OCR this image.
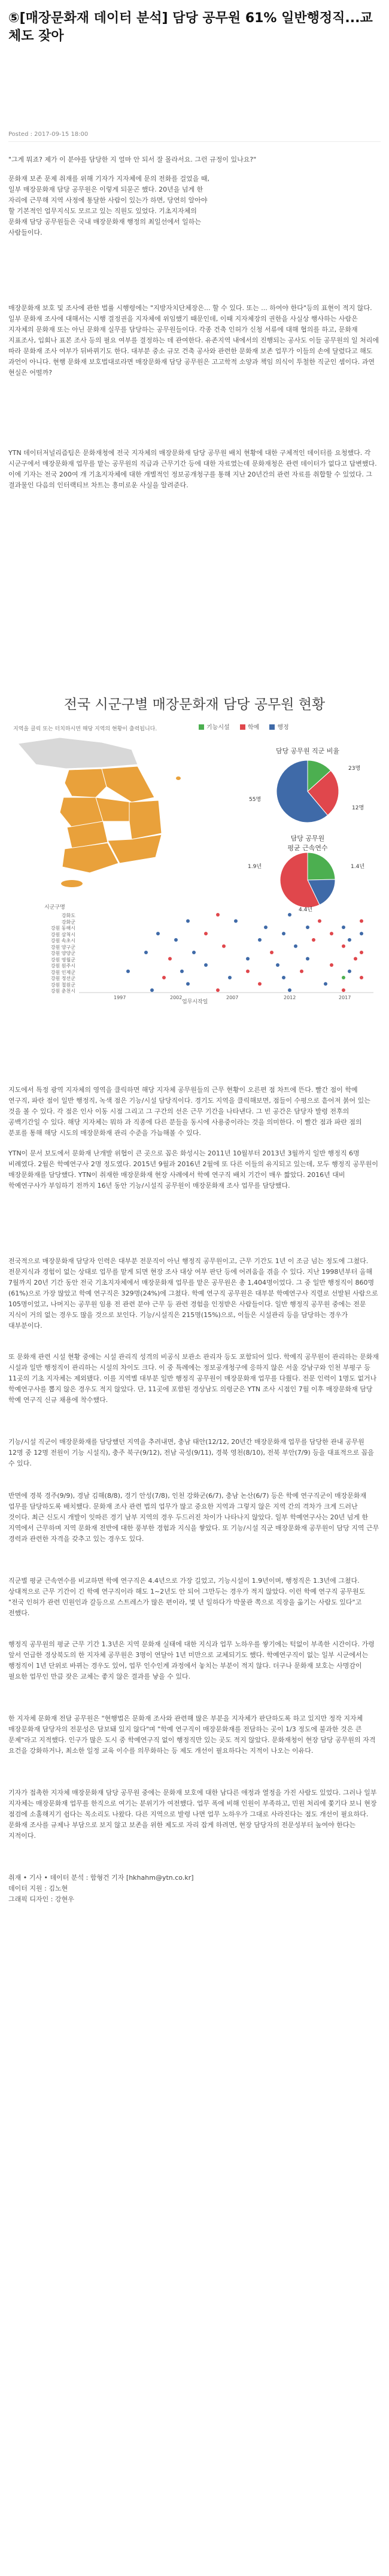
⑤[매장문화재 데이터 분석] 담당 공무원 61% 일반행정직...교체도 잦아
Posted : 2017-09-15 18:00
"그게 뭐죠? 제가 이 분야를 담당한 지 얼마 안 되서 잘 몰라서요. 그런 규정이 있나요?"
문화재 보존 문제 취재를 위해 기자가 지자체에 문의 전화를 걸었을 때, 일부 매장문화재 담당 공무원은 이렇게 되묻곤 했다. 20년을 넘게 한 자리에 근무해 지역 사정에 통달한 사람이 있는가 하면, 당연히 알아야 할 기본적인 업무지식도 모르고 있는 직원도 있었다. 기초지자체의 문화재 담당 공무원들은 국내 매장문화재 행정의 최일선에서 일하는 사람들이다.
매장문화재 보호 및 조사에 관한 법률 시행령에는 "지방자치단체장은... 할 수 있다. 또는 ... 하여야 한다"등의 표현이 적지 않다. 일부 문화재 조사에 대해서는 시행 결정권을 지자체에 위임했기 때문인데, 이때 지자체장의 권한을 사실상 행사하는 사람은 지자체의 문화재 또는 아닌 문화재 실무를 담당하는 공무원들이다. 각종 건축 인허가 신청 서류에 대해 협의를 하고, 문화재 지표조사, 입회나 표본 조사 등의 필요 여부를 결정하는 데 관여한다. 유존지역 내에서의 진행되는 공사도 이들 공무원의 일 처리에 따라 문화재 조사 여부가 뒤바뀌기도 한다. 대부분 중소 규모 건축 공사와 관련한 문화재 보존 업무가 이들의 손에 달렸다고 해도 과언이 아니다. 현행 문화재 보호법대로라면 매장문화재 담당 공무원은 고고학적 소양과 책임 의식이 투철한 직군인 셈이다. 과연 현실은 어떨까?
YTN 데이터저널리즘팀은 문화재청에 전국 지자체의 매장문화재 담당 공무원 배치 현황에 대한 구체적인 데이터를 요청했다. 각 시군구에서 매장문화재 업무를 맡는 공무원의 직급과 근무기간 등에 대한 자료였는데 문화재청은 관련 데이터가 없다고 답변했다. 이에 기자는 전국 200여 개 기초지자체에 대한 개별적인 정보공개청구를 통해 지난 20년간의 관련 자료를 취합할 수 있었다. 그 결과물인 다음의 인터랙티브 차트는 흥미로운 사실을 알려준다.
전국 시군구별 매장문화재 담당 공무원 현황
지역을 클릭 또는 터치하시면 해당 지역의 현황이 출력됩니다.	기능시설	학예	행정
담당 공무원 직군 비율
23명
55명
12명
담당 공무원
평균 근속연수
1.9년	1.4년
4.4년
시군구명
강화도
강화군
강원 동해시
강원 삼척시
강원 속초시
강원 양구군
강원 양양군
강원 영월군
강원 원주시
강원 인제군
강원 정선군
강원 철원군
강원 춘천시
1997	2002	2007	2012	2017
업무시작일
지도에서 특정 광역 지자체의 영역을 클릭하면 해당 지자체 공무원들의 근무 현황이 오른편 점 차트에 뜬다. 빨간 점이 학예 연구직, 파란 점이 일반 행정직, 녹색 점은 기능/시설 담당직이다. 경기도 지역을 클릭해보면, 점들이 수평으로 흩어져 붉어 있는 것을 볼 수 있다. 각 점은 인사 이동 시점 그리고 그 구간의 선은 근무 기간을 나타낸다. 그 빈 공간은 담당자 발령 전후의 공백기간일 수 있다. 해당 지자체는 뭐하 과 직종에 다른 분들을 동시에 사용중이라는 것을 의미한다. 이 빨간 점과 파란 점의 분포를 통해 해당 시도의 매장문화재 관리 수준을 가늠해볼 수 있다.
YTN이 문서 보도에서 문화재 난개발 위협이 큰 곳으로 꼽은 화성시는 2011년 10월부터 2013년 3월까지 일반 행정직 6명 비례였다. 2월은 학예연구사 2명 정도였다. 2015년 9월과 2016년 2월에 또 다른 이들의 유지되고 있는데, 모두 행정직 공무원이 매장문화재를 담당했다. YTN이 취재한 매장문화재 현장 사례에서 학예 연구직 배치 기간이 매우 짧았다. 2016년 대비 학예연구사가 부임하기 전까지 16년 동안 기능/시설직 공무원이 매장문화재 조사 업무를 담당했다.
전국적으로 매장문화재 담당자 인력은 대부분 전문직이 아닌 행정직 공무원이고, 근무 기간도 1년 이 조금 넘는 정도에 그쳤다. 전문지식과 경험이 없는 상태로 업무를 맡게 되면 현장 조사 대상 여부 판단 등에 어려움을 겪을 수 있다. 지난 1998년부터 올해 7월까지 20년 기간 동안 전국 기초지자체에서 매장문화재 업무를 맡은 공무원은 총 1,404명이었다. 그 중 일반 행정직이 860명(61%)으로 가장 많았고 학예 연구직은 329명(24%)에 그쳤다. 학예 연구직 공무원은 대부분 학예연구사 직렬로 선발된 사람으로 105명이었고, 나머지는 공무원 임용 전 관련 분야 근무 등 관련 경험을 인정받은 사람들이다. 일반 행정직 공무원 중에는 전문 지식이 거의 없는 경우도 많을 것으로 보인다. 기능/시설직은 215명(15%)으로, 이들은 시설관리 등을 담당하는 경우가 대부분이다.
또 문화재 관련 시설 현황 중에는 시설 관리직 성격의 비공식 보관소 관리자 등도 포함되어 있다. 학예직 공무원이 관리하는 문화재 시설과 일반 행정직이 관리하는 시설의 차이도 크다. 이 중 특례에는 정보공개청구에 응하지 않은 서울 강남구와 인천 부평구 등 11곳의 기초 지자체는 제외됐다. 이를 지역별 대부분 일반 행정직 공무원이 매장문화재 업무를 다뤘다. 전문 인력이 1명도 없거나 학예연구사를 뽑지 않은 경우도 적지 않았다. 단, 11곳에 포함된 경상남도 의령군은 YTN 조사 시점인 7월 이후 매장문화재 담당 학예 연구직 신규 채용에 착수했다.
기능/시설 직군이 매장문화재를 담당했던 지역을 추려내면, 충남 태안(12/12, 20년간 매장문화재 업무를 담당한 관내 공무원 12명 중 12명 전원이 기능 시설직), 충주 북구(9/12), 전남 곡성(9/11), 경북 영천(8/10), 전북 부안(7/9) 등을 대표적으로 꼽을 수 있다.
반면에 경북 경주(9/9), 경남 김해(8/8), 경기 안성(7/8), 인천 강화군(6/7), 충남 논산(6/7) 등은 학예 연구직군이 매장문화재 업무를 담당하도록 배치했다. 문화재 조사 관련 법의 업무가 많고 중요한 지역과 그렇지 않은 지역 간의 격차가 크게 드러난 것이다. 최근 신도시 개발이 잇따른 경기 남부 지역의 경우 두드러진 차이가 나타나지 않았다. 일부 학예연구사는 20년 넘게 한 지역에서 근무하며 지역 문화재 전반에 대한 풍부한 경험과 지식을 쌓았다. 또 기능/시설 직군 매장문화재 공무원이 담당 지역 근무 경력과 관련한 자격을 갖추고 있는 경우도 있다.
직군별 평균 근속연수를 비교하면 학예 연구직은 4.4년으로 가장 길었고, 기능시설이 1.9년이며, 행정직은 1.3년에 그쳤다. 상대적으로 근무 기간이 긴 학예 연구직이라 해도 1~2년도 안 되어 그만두는 경우가 적지 않았다. 이런 학예 연구직 공무원도 "전국 인허가 관련 민원인과 갈등으로 스트레스가 많은 편이라, 몇 년 일하다가 박물관 쪽으로 직장을 옮기는 사람도 있다"고 전했다.
행정직 공무원의 평균 근무 기간 1.3년은 지역 문화재 실태에 대한 지식과 업무 노하우를 쌓기에는 턱없이 부족한 시간이다. 가령 앞서 언급한 경상북도의 한 지자체 공무원은 3명이 연달아 1년 미만으로 교체되기도 했다. 학예연구직이 없는 일부 시군에서는 행정직이 1년 단위로 바뀌는 경우도 있어, 업무 인수인계 과정에서 놓치는 부분이 적지 않다. 더구나 문화재 보호는 사명감이 필요한 업무인 만큼 잦은 교체는 좋지 않은 결과를 낳을 수 있다.
한 지자체 문화재 전담 공무원은 "현행법은 문화재 조사와 관련해 많은 부분을 지자체가 판단하도록 하고 있지만 정작 지자체 매장문화재 담당자의 전문성은 담보돼 있지 않다"며 "학예 연구직이 매장문화재를 전담하는 곳이 1/3 정도에 불과한 것은 큰 문제"라고 지적했다. 인구가 많은 도시 중 학예연구직 없이 행정직만 있는 곳도 적지 않았다. 문화재청이 현장 담당 공무원의 자격 요건을 강화하거나, 최소한 일정 교육 이수를 의무화하는 등 제도 개선이 필요하다는 지적이 나오는 이유다.
기자가 접촉한 지자체 매장문화재 담당 공무원 중에는 문화재 보호에 대한 남다른 애정과 열정을 가진 사람도 있었다. 그러나 일부 지자체는 매장문화재 업무를 한직으로 여기는 분위기가 여전했다. 업무 폭에 비해 인원이 부족하고, 민원 처리에 쫓기다 보니 현장 점검에 소홀해지기 쉽다는 목소리도 나왔다. 다른 지역으로 발령 나면 업무 노하우가 그대로 사라진다는 점도 개선이 필요하다. 문화재 조사를 규제나 부담으로 보지 않고 보존을 위한 제도로 자리 잡게 하려면, 현장 담당자의 전문성부터 높여야 한다는 지적이다.
취재 • 기사 • 데이터 분석 : 함형건 기자 [hkhahm@ytn.co.kr]
데이터 지원 : 김노현
그래픽 디자인 : 강현우
